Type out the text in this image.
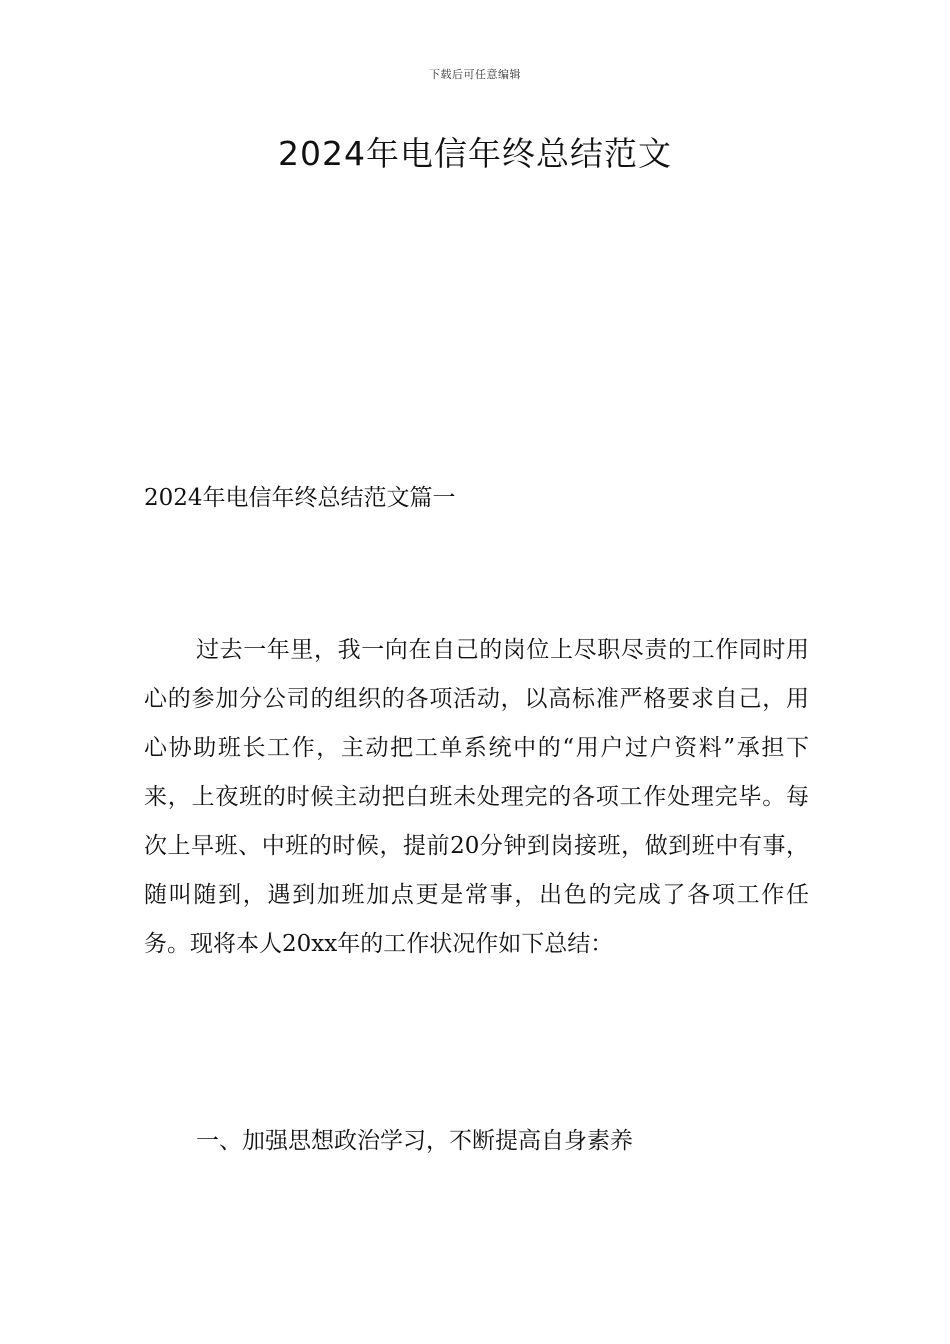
下载后可任意编辑
2024年电信年终总结范文
2024年电信年终总结范文篇一

过去一年里，我一向在自己的岗位上尽职尽责的工作同时用心的参加分公司的组织的各项活动，以高标准严格要求自己，用心协助班长工作，主动把工单系统中的“用户过户资料”承担下来，上夜班的时候主动把白班未处理完的各项工作处理完毕。每次上早班、中班的时候，提前20分钟到岗接班，做到班中有事，随叫随到，遇到加班加点更是常事，出色的完成了各项工作任务。现将本人20xx年的工作状况作如下总结：

一、加强思想政治学习，不断提高自身素养
